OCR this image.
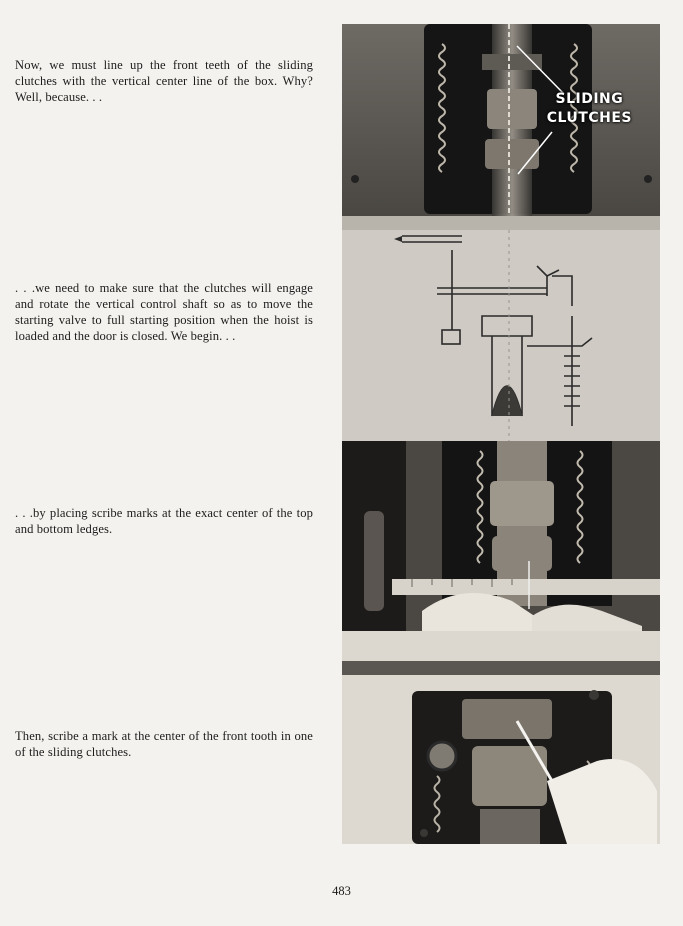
Now, we must line up the front teeth of the sliding clutches with the vertical center line of the box. Why? Well, because. . .
. . .we need to make sure that the clutches will engage and rotate the vertical control shaft so as to move the starting valve to full starting position when the hoist is loaded and the door is closed. We begin. . .
. . .by placing scribe marks at the exact center of the top and bottom ledges.
Then, scribe a mark at the center of the front tooth in one of the sliding clutches.
SLIDING
CLUTCHES
483
